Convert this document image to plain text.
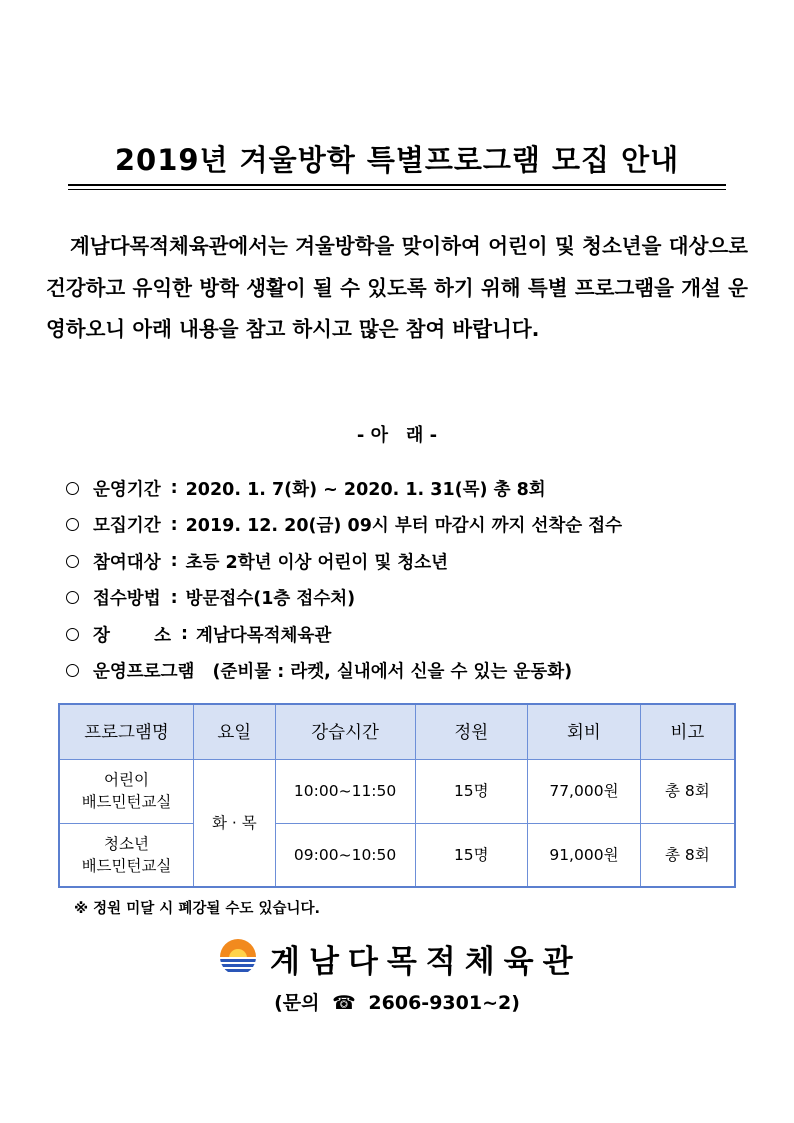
2019년 겨울방학 특별프로그램 모집 안내

계남다목적체육관에서는 겨울방학을 맞이하여 어린이 및 청소년을 대상으로 건강하고 유익한 방학 생활이 될 수 있도록 하기 위해 특별 프로그램을 개설 운영하오니 아래 내용을 참고 하시고 많은 참여 바랍니다.

- 아　래 -
운영기간 : 2020. 1. 7(화) ~ 2020. 1. 31(목) 총 8회
모집기간 : 2019. 12. 20(금) 09시 부터 마감시 까지 선착순 접수
참여대상 : 초등 2학년 이상 어린이 및 청소년
접수방법 : 방문접수(1층 접수처)
장	소 : 계남다목적체육관
운영프로그램 (준비물 : 라켓, 실내에서 신을 수 있는 운동화)
프로그램명	요일	강습시간	정원	회비	비고
어린이
배드민턴교실	화 · 목	10:00~11:50	15명	77,000원	총 8회
청소년
배드민턴교실		09:00~10:50	15명	91,000원	총 8회
※ 정원 미달 시 폐강될 수도 있습니다.
계남다목적체육관
(문의 ☎ 2606-9301~2)
